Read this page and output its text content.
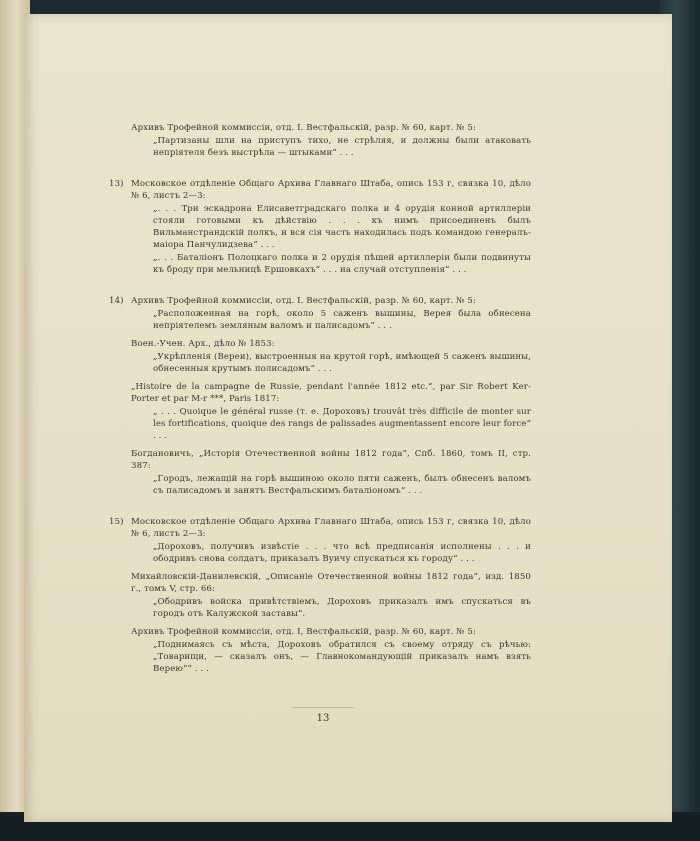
Архивъ Трофейной коммиссіи, отд. I. Вестфальскій, разр. № 60, карт. № 5:

„Партизаны шли на приступъ тихо, не стрѣляя, и должны были атаковать непріятеля безъ выстрѣла — штыками“ . . .

13) Московское отдѣленіе Общаго Архива Главнаго Штаба, опись 153 г, связка 10, дѣло № 6, листъ 2—3:

„. . . Три эскадрона Елисаветградскаго полка и 4 орудія конной артиллеріи стояли готовыми къ дѣйствію . . . къ нимъ присоединенъ былъ Вильманстрандскій полкъ, и вся сія часть находилась подъ командою генералъ-маіора Панчулидзева“ . . .

„. . . Баталіонъ Полоцкаго полка и 2 орудія пѣшей артиллеріи были подвинуты къ броду при мельницѣ Ершовкахъ“ . . . на случай отступленія“ . . .

14) Архивъ Трофейной коммиссіи, отд. I. Вестфальскій, разр. № 60, карт. № 5:

„Расположенная на горѣ, около 5 саженъ вышины, Верея была обнесена непріятелемъ земляным валомъ и палисадомъ“ . . .

Воен.-Учен. Арх., дѣло № 1853:

„Укрѣпленія (Вереи), выстроенныя на крутой горѣ, имѣющей 5 саженъ вышины, обнесенныя крутымъ полисадомъ“ . . .

„Histoire de la campagne de Russie, pendant l'année 1812 etc.“, par Sir Robert Ker-Porter et par M-r ***, Paris 1817:

„ . . . Quoique le général russe (т. е. Дороховъ) trouvât très difficile de monter sur les fortifications, quoique des rangs de palissades augmentassent encore leur force“ . . .

Богдановичъ, „Исторія Отечественной войны 1812 года“, Спб. 1860, томъ II, стр. 387:

„Городъ, лежащій на горѣ вышиною около пяти саженъ, былъ обнесенъ валомъ съ палисадомъ и занятъ Вестфальскимъ баталіономъ“ . . .

15) Московское отдѣленіе Общаго Архива Главнаго Штаба, опись 153 г, связка 10, дѣло № 6, листъ 2—3:

„Дороховъ, получивъ извѣстіе . . . что всѣ предписанія исполнены . . . и ободривъ снова солдатъ, приказалъ Вуичу спускаться къ городу“ . . .

Михайловскій-Данилевскій, „Описаніе Отечественной войны 1812 года“, изд. 1850 г., томъ V, стр. 66:

„Ободривъ войска привѣтствіемъ, Дороховъ приказалъ имъ спускаться въ городъ отъ Калужской заставы“.

Архивъ Трофейной коммиссіи, отд. I, Вестфальскій, разр. № 60, карт. № 5:

„Поднимаясь съ мѣста, Дороховъ обратился съ своему отряду съ рѣчью: „Товарищи, — сказалъ онъ, — Главнокомандующій приказалъ намъ взять Верею““ . . .

13
